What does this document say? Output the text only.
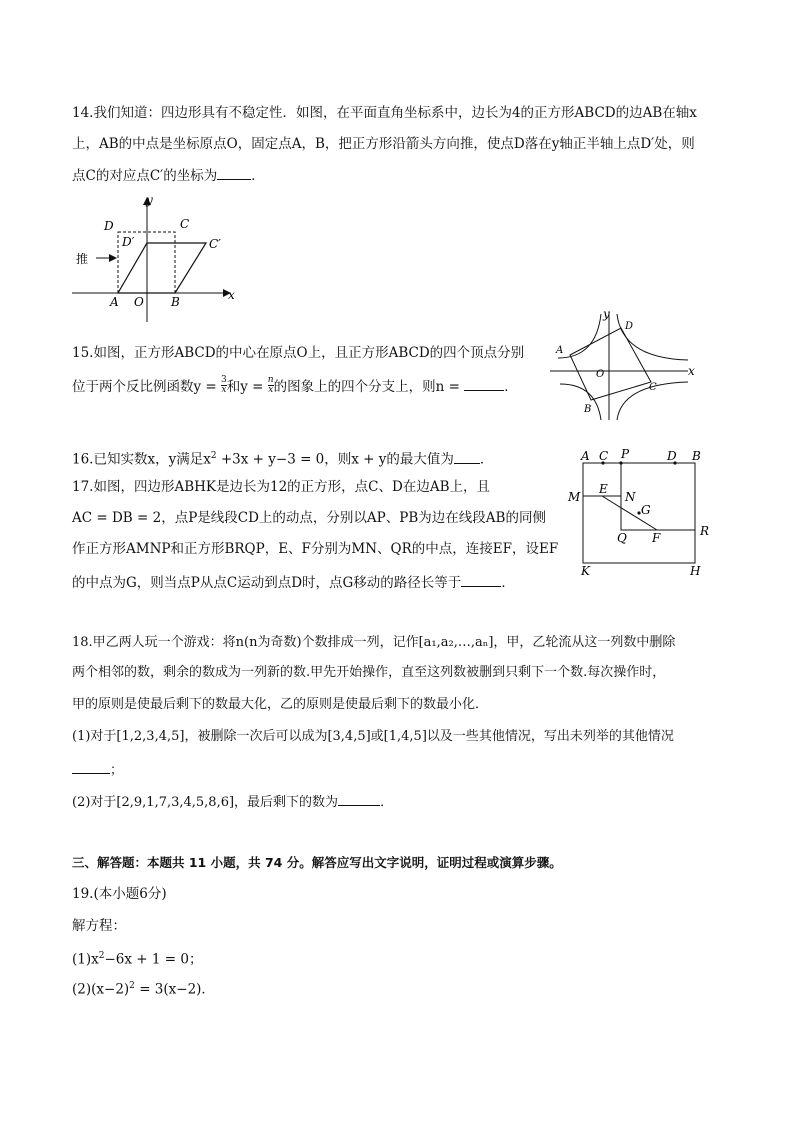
14.我们知道：四边形具有不稳定性．如图，在平面直角坐标系中，边长为4的正方形ABCD的边AB在轴x
上，AB的中点是坐标原点O，固定点A，B，把正方形沿箭头方向推，使点D落在y轴正半轴上点D′处，则
点C的对应点C′的坐标为	．
推
y
x
D	C
D′	C′
A O B
15.如图，正方形ABCD的中心在原点O上，且正方形ABCD的四个顶点分别
位于两个反比例函数$y = \frac{3}{x}$ 和$y = \frac{n}{x}$ 的图象上的四个分支上，则n =	．
y
x
A
D
C
B
O
16.已知实数x，y满足$x^2 +3x + y-3 = 0$，则x + y的最大值为 ．
17.如图，四边形ABHK是边长为12的正方形，点C、D在边AB上，且
AC = DB = 2，点P是线段CD上的动点，分别以AP、PB为边在线段AB的同侧
作正方形AMNP和正方形BRQP，E、F分别为MN、QR的中点，连接EF，设EF
的中点为G，则当点P从点C运动到点D时，点G移动的路径长等于	．
A C P	D B
M
E
N
G
R
Q F
K	H
18.甲乙两人玩一个游戏：将n(n为奇数)个数排成一列，记作[a₁,a₂,…,aₙ]，甲，乙轮流从这一列数中删除
两个相邻的数，剩余的数成为一列新的数.甲先开始操作，直至这列数被删到只剩下一个数.每次操作时，
甲的原则是使最后剩下的数最大化，乙的原则是使最后剩下的数最小化．
(1)对于[1,2,3,4,5]，被删除一次后可以成为[3,4,5]或[1,4,5]以及一些其他情况，写出未列举的其他情况
；
(2)对于[2,9,1,7,3,4,5,8,6]，最后剩下的数为	．
三、解答题：本题共 11 小题，共 74 分。解答应写出文字说明，证明过程或演算步骤。
19.(本小题6分)
解方程：
$(1)x^2-6x + 1 = 0$；
$(2)(x-2)^2 = 3(x-2)$．
